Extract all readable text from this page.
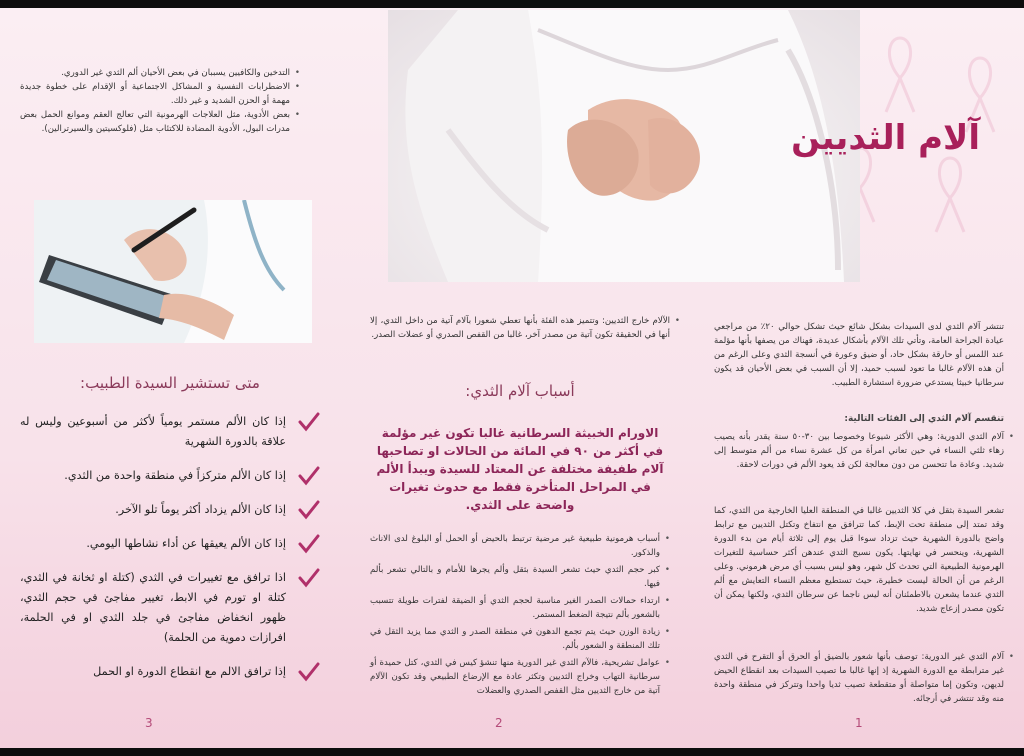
آلام الثديين

تنتشر آلام الثدي لدى السيدات بشكل شائع حيث تشكل حوالي ٢٠٪ من مراجعي عيادة الجراحة العامة، وتأتي تلك الآلام بأشكال عديدة، فهناك من يصفها بأنها مؤلمة عند اللمس أو حارقة بشكل حاد، أو ضيق وعورة في أنسجة الثدي وعلى الرغم من أن هذه الآلام غالبا ما تعود لسبب حميد، إلا أن السبب في بعض الأحيان قد يكون سرطانيا خبيثا يستدعي ضرورة استشارة الطبيب.

تنقسم آلام الثدي إلى الفئات التالية:

• آلام الثدي الدورية: وهي الأكثر شيوعا وخصوصا بين ٣٠-٥٠ سنة يقدر بأنه يصيب زهاء ثلثي النساء في حين تعاني امرأة من كل عشرة نساء من ألم متوسط إلى شديد. وعادة ما تتحسن من دون معالجة لكن قد يعود الألم في دورات لاحقة.

تشعر السيدة بثقل في كلا الثديين غالبا في المنطقة العليا الخارجية من الثدي، كما وقد تمتد إلى منطقة تحت الإبط، كما تترافق مع انتفاخ وتكتل الثديين مع ترابط واضح بالدورة الشهرية حيث تزداد سوءا قبل يوم إلى ثلاثة أيام من بدء الدورة الشهرية، وينحسر في نهايتها. يكون نسيج الثدي عندهن أكثر حساسية للتغيرات الهرمونية الطبيعية التي تحدث كل شهر، وهو ليس بسبب أي مرض هرموني. وعلى الرغم من أن الحالة ليست خطيرة، حيث تستطيع معظم النساء التعايش مع ألم الثدي عندما يشعرن بالاطمئنان أنه ليس ناجما عن سرطان الثدي، ولكنها يمكن أن تكون مصدر إزعاج شديد.

• آلام الثدي غير الدورية: توصف بأنها شعور بالضيق أو الحرق أو التقرح في الثدي غير مترابطة مع الدورة الشهرية إذ إنها غالبا ما تصيب السيدات بعد انقطاع الحيض لديهن، وتكون إما متواصلة أو متقطعة تصيب ثديا واحدا وتتركز في منطقة واحدة منه وقد تنتشر في أرجائه.

1

• الآلام خارج الثديين: وتتميز هذه الفئة بأنها تعطي شعورا بآلام آتية من داخل الثدي، إلا أنها في الحقيقة تكون آتية من مصدر آخر، غالبا من القفص الصدري أو عضلات الصدر.

أسباب آلام الثدي:
الاورام الخبيثة السرطانية غالبا تكون غير مؤلمة في أكثر من ٩٠ في المائة من الحالات او تصاحبها آلام طفيفة مختلفة عن المعتاد للسيدة ويبدأ الألم في المراحل المتأخرة فقط مع حدوث تغيرات واضحة على الثدي.

• أسباب هرمونية طبيعية غير مرضية ترتبط بالحيض أو الحمل أو البلوغ لدى الاناث والذكور.

• كبر حجم الثدي حيث تشعر السيدة بثقل وألم يجرها للأمام و بالتالي تشعر بألم فيها.

• ارتداء حمالات الصدر الغير مناسبة لحجم الثدي أو الضيقة لفترات طويلة تتسبب بالشعور بألم نتيجة الضغط المستمر.

• زيادة الوزن حيث يتم تجمع الدهون في منطقة الصدر و الثدي مما يزيد الثقل في تلك المنطقة و الشعور بألم.

• عوامل تشريحية، فالآم الثدي غير الدورية منها تنشؤ كيس في الثدي، كتل حميدة أو سرطانية التهاب وخراج الثديين وتكثر عادة مع الإرضاع الطبيعي وقد تكون الآلام آتية من خارج الثديين مثل القفص الصدري والعضلات

2

• التدخين والكافيين يسببان في بعض الأحيان ألم الثدي غير الدوري.

• الاضطرابات النفسية و المشاكل الاجتماعية أو الإقدام على خطوة جديدة مهمة أو الحزن الشديد و غير ذلك.

• بعض الأدوية، مثل العلاجات الهرمونية التي تعالج العقم وموانع الحمل بعض مدرات البول، الأدوية المضادة للاكتئاب مثل (فلوكسيتين والسيرترالين).

متى تستشير السيدة الطبيب:
إذا كان الألم مستمر يومياً لأكثر من أسبوعين وليس له علاقة بالدورة الشهرية
إذا كان الألم متركزاً في منطقة واحدة من الثدي.
إذا كان الألم يزداد أكثر يوماً تلو الآخر.
إذا كان الألم يعيقها عن أداء نشاطها اليومي.
اذا ترافق مع تغييرات في الثدي (كتلة او ثخانة في الثدي، كتلة او تورم في الابط، تغيير مفاجئ في حجم الثدي، ظهور انخفاض مفاجئ في جلد الثدي او في الحلمة، افرازات دموية من الحلمة)
إذا ترافق الالم مع انقطاع الدورة او الحمل
3
